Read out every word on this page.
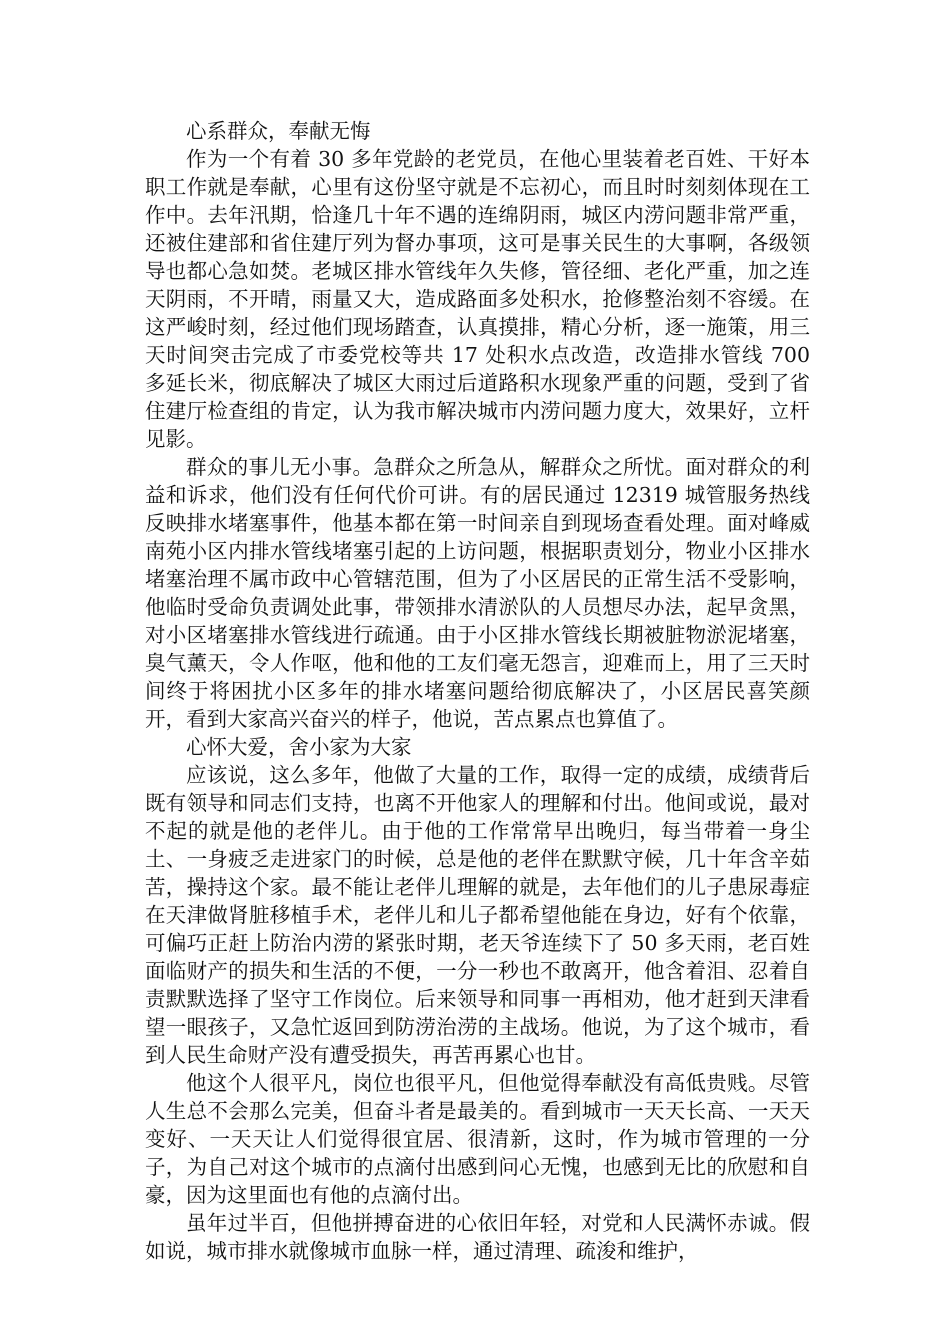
心系群众，奉献无悔

作为一个有着 30 多年党龄的老党员，在他心里装着老百姓、干好本职工作就是奉献，心里有这份坚守就是不忘初心，而且时时刻刻体现在工作中。去年汛期，恰逢几十年不遇的连绵阴雨，城区内涝问题非常严重，还被住建部和省住建厅列为督办事项，这可是事关民生的大事啊，各级领导也都心急如焚。老城区排水管线年久失修，管径细、老化严重，加之连天阴雨，不开晴，雨量又大，造成路面多处积水，抢修整治刻不容缓。在这严峻时刻，经过他们现场踏查，认真摸排，精心分析，逐一施策，用三天时间突击完成了市委党校等共 17 处积水点改造，改造排水管线 700 多延长米，彻底解决了城区大雨过后道路积水现象严重的问题，受到了省住建厅检查组的肯定，认为我市解决城市内涝问题力度大，效果好，立杆见影。

群众的事儿无小事。急群众之所急从，解群众之所忧。面对群众的利益和诉求，他们没有任何代价可讲。有的居民通过 12319 城管服务热线反映排水堵塞事件，他基本都在第一时间亲自到现场查看处理。面对峰威南苑小区内排水管线堵塞引起的上访问题，根据职责划分，物业小区排水堵塞治理不属市政中心管辖范围，但为了小区居民的正常生活不受影响，他临时受命负责调处此事，带领排水清淤队的人员想尽办法，起早贪黑，对小区堵塞排水管线进行疏通。由于小区排水管线长期被脏物淤泥堵塞，臭气薰天，令人作呕，他和他的工友们毫无怨言，迎难而上，用了三天时间终于将困扰小区多年的排水堵塞问题给彻底解决了，小区居民喜笑颜开，看到大家高兴奋兴的样子，他说，苦点累点也算值了。

心怀大爱，舍小家为大家

应该说，这么多年，他做了大量的工作，取得一定的成绩，成绩背后既有领导和同志们支持，也离不开他家人的理解和付出。他间或说，最对不起的就是他的老伴儿。由于他的工作常常早出晚归，每当带着一身尘土、一身疲乏走进家门的时候，总是他的老伴在默默守候，几十年含辛茹苦，操持这个家。最不能让老伴儿理解的就是，去年他们的儿子患尿毒症在天津做肾脏移植手术，老伴儿和儿子都希望他能在身边，好有个依靠，可偏巧正赶上防治内涝的紧张时期，老天爷连续下了 50 多天雨，老百姓面临财产的损失和生活的不便，一分一秒也不敢离开，他含着泪、忍着自责默默选择了坚守工作岗位。后来领导和同事一再相劝，他才赶到天津看望一眼孩子，又急忙返回到防涝治涝的主战场。他说，为了这个城市，看到人民生命财产没有遭受损失，再苦再累心也甘。

他这个人很平凡，岗位也很平凡，但他觉得奉献没有高低贵贱。尽管人生总不会那么完美，但奋斗者是最美的。看到城市一天天长高、一天天变好、一天天让人们觉得很宜居、很清新，这时，作为城市管理的一分子，为自己对这个城市的点滴付出感到问心无愧，也感到无比的欣慰和自豪，因为这里面也有他的点滴付出。

虽年过半百，但他拼搏奋进的心依旧年轻，对党和人民满怀赤诚。假如说，城市排水就像城市血脉一样，通过清理、疏浚和维护，
